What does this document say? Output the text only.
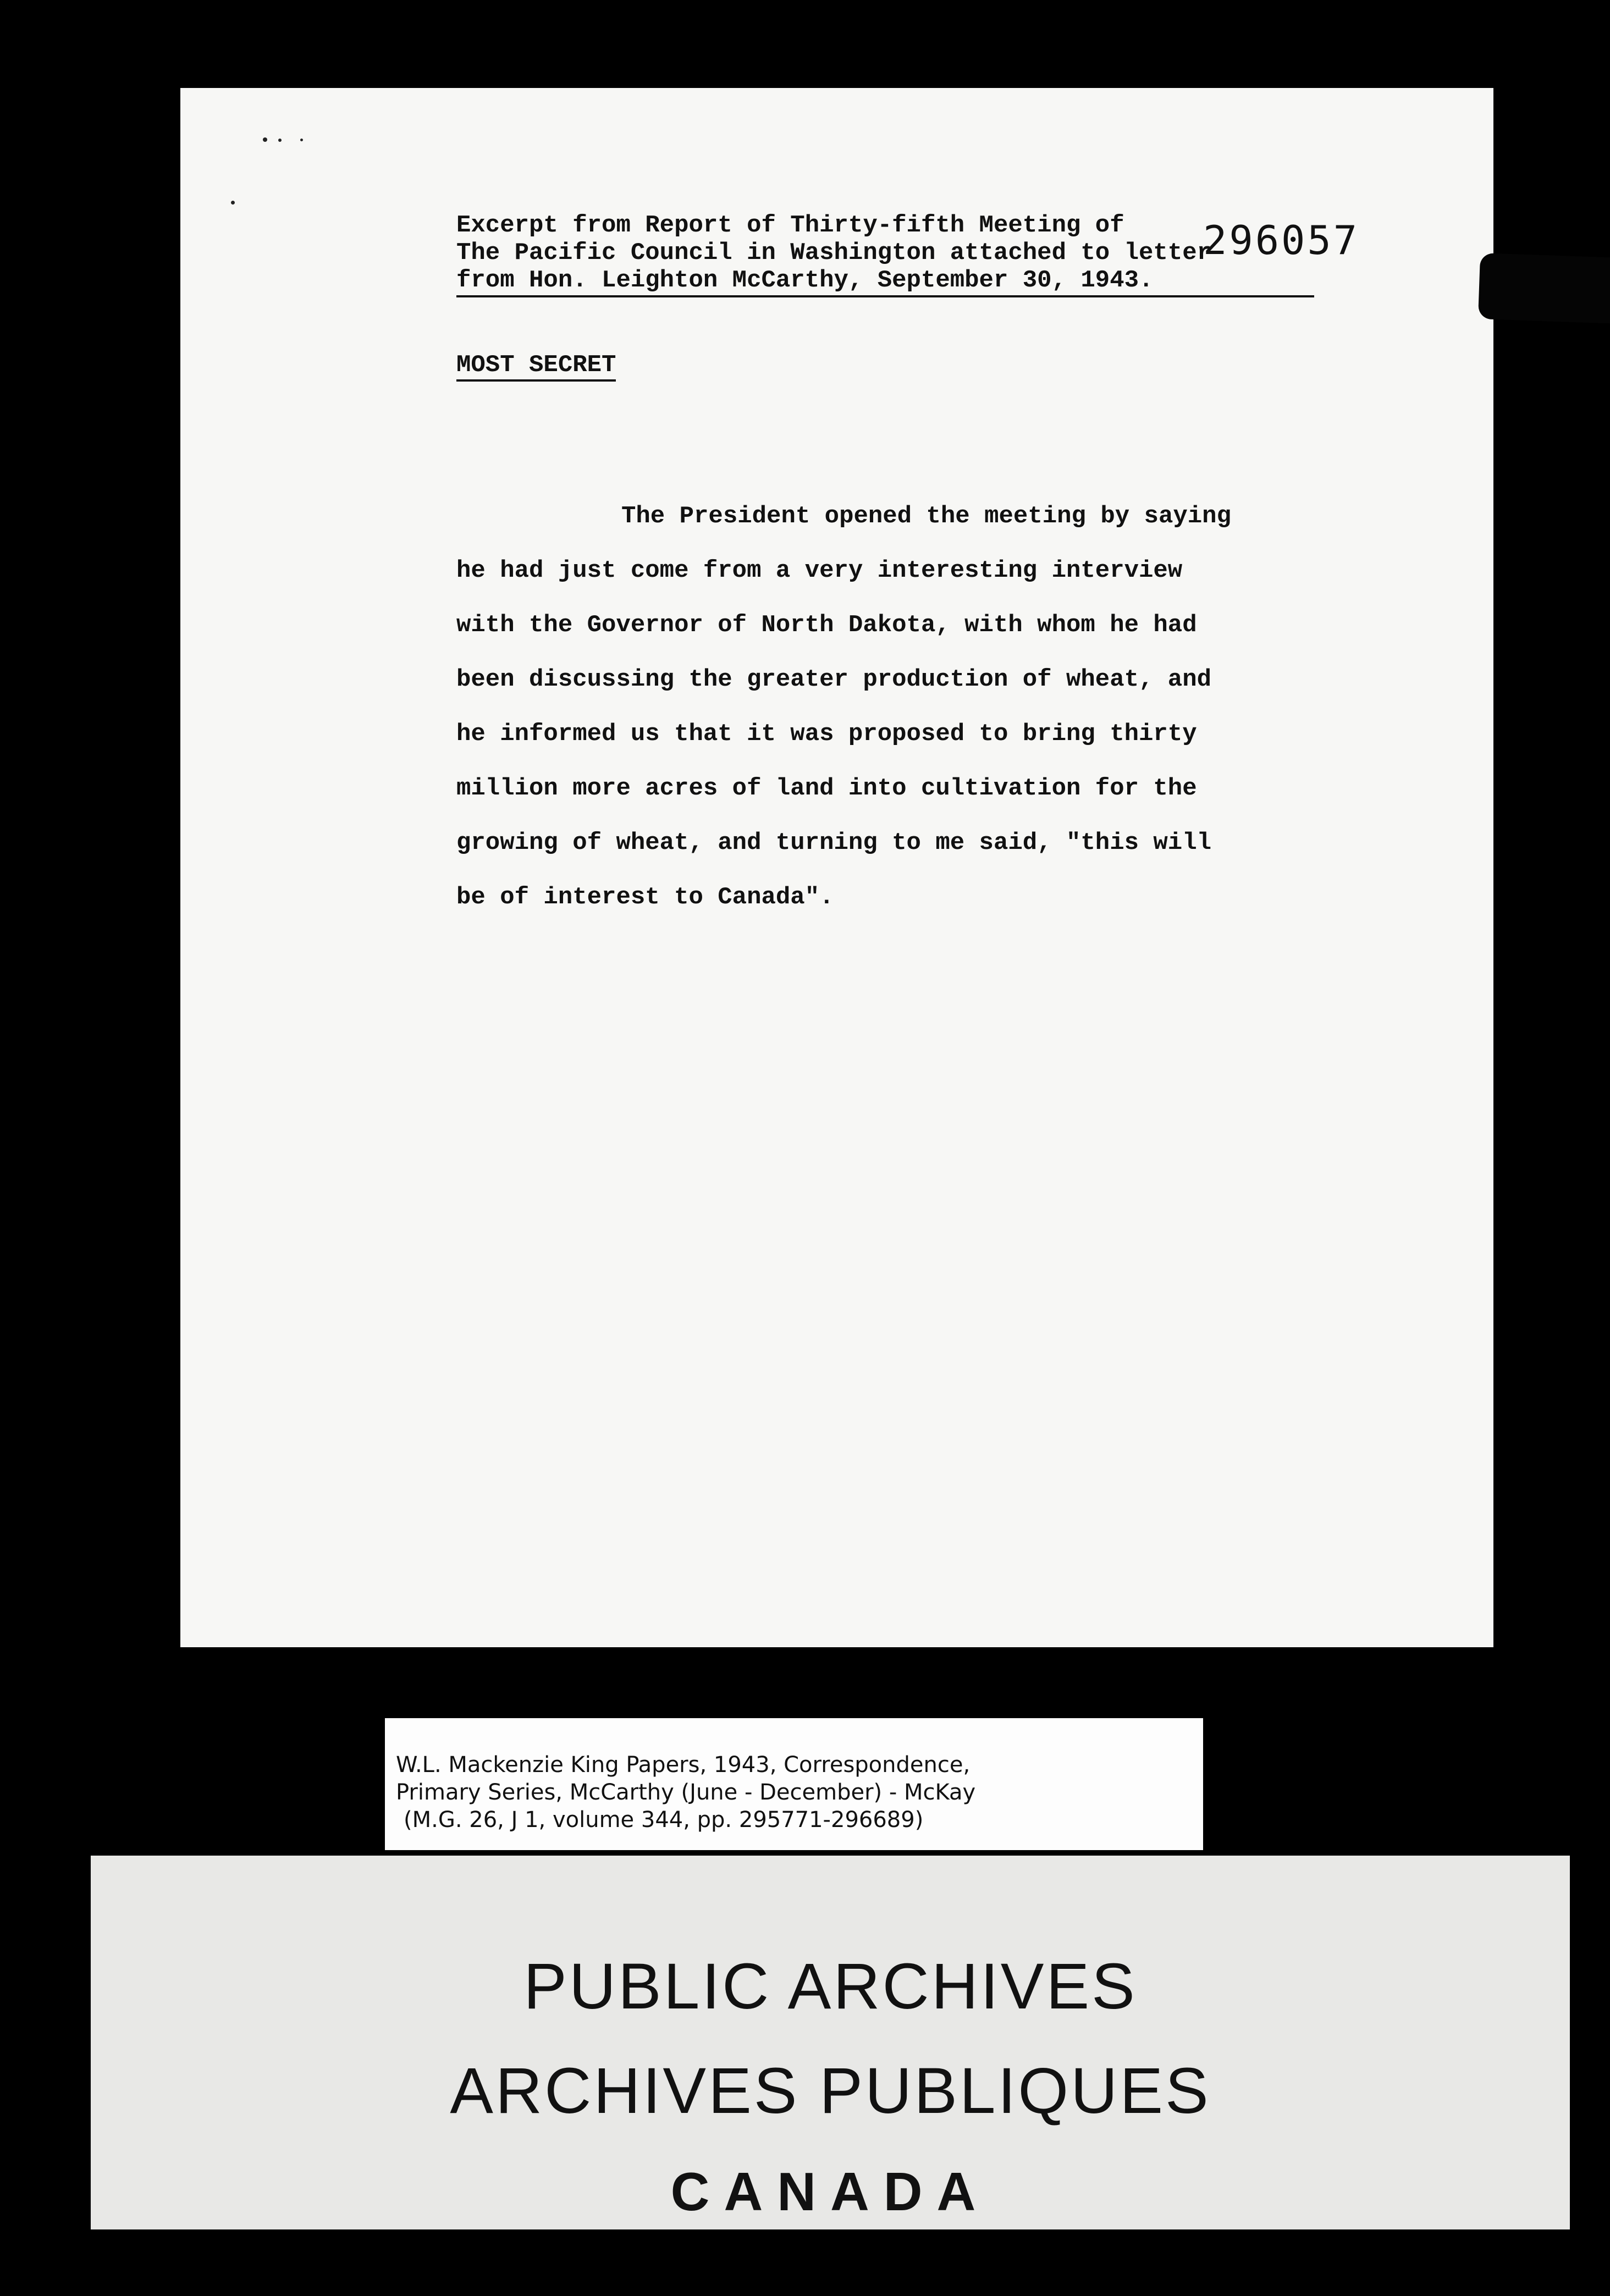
296057
Excerpt from Report of Thirty-fifth Meeting of
The Pacific Council in Washington attached to letter
from Hon. Leighton McCarthy, September 30, 1943.
MOST SECRET
The President opened the meeting by saying
he had just come from a very interesting interview
with the Governor of North Dakota, with whom he had
been discussing the greater production of wheat, and
he informed us that it was proposed to bring thirty
million more acres of land into cultivation for the
growing of wheat, and turning to me said, "this will
be of interest to Canada".
W.L. Mackenzie King Papers, 1943, Correspondence,
Primary Series, McCarthy (June - December) - McKay
(M.G. 26, J 1, volume 344, pp. 295771-296689)
PUBLIC ARCHIVES
ARCHIVES PUBLIQUES
CANADA
